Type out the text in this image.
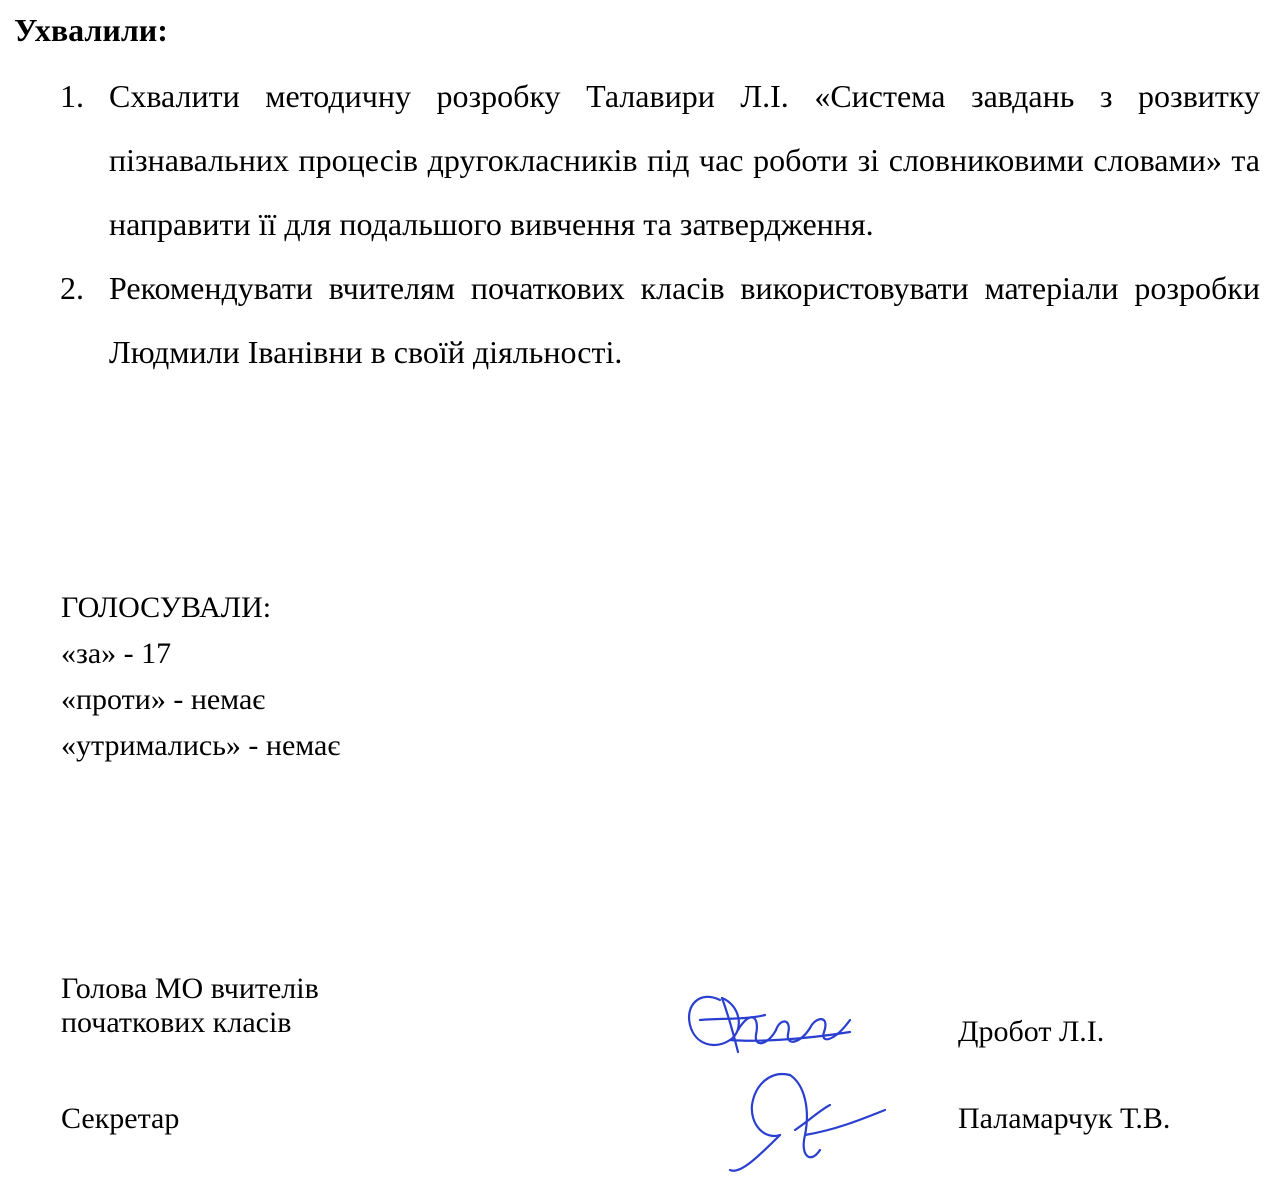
Ухвалили:
1. Схвалити методичну розробку Талавири Л.І. «Система завдань з розвитку пізнавальних процесів другокласників під час роботи зі словниковими словами» та направити її для подальшого вивчення та затвердження.
2. Рекомендувати вчителям початкових класів використовувати матеріали розробки Людмили Іванівни в своїй діяльності.
ГОЛОСУВАЛИ:
«за» - 17
«проти» - немає
«утримались» - немає
Голова МО вчителів
початкових класів	Дробот Л.І.
Секретар	Паламарчук Т.В.
